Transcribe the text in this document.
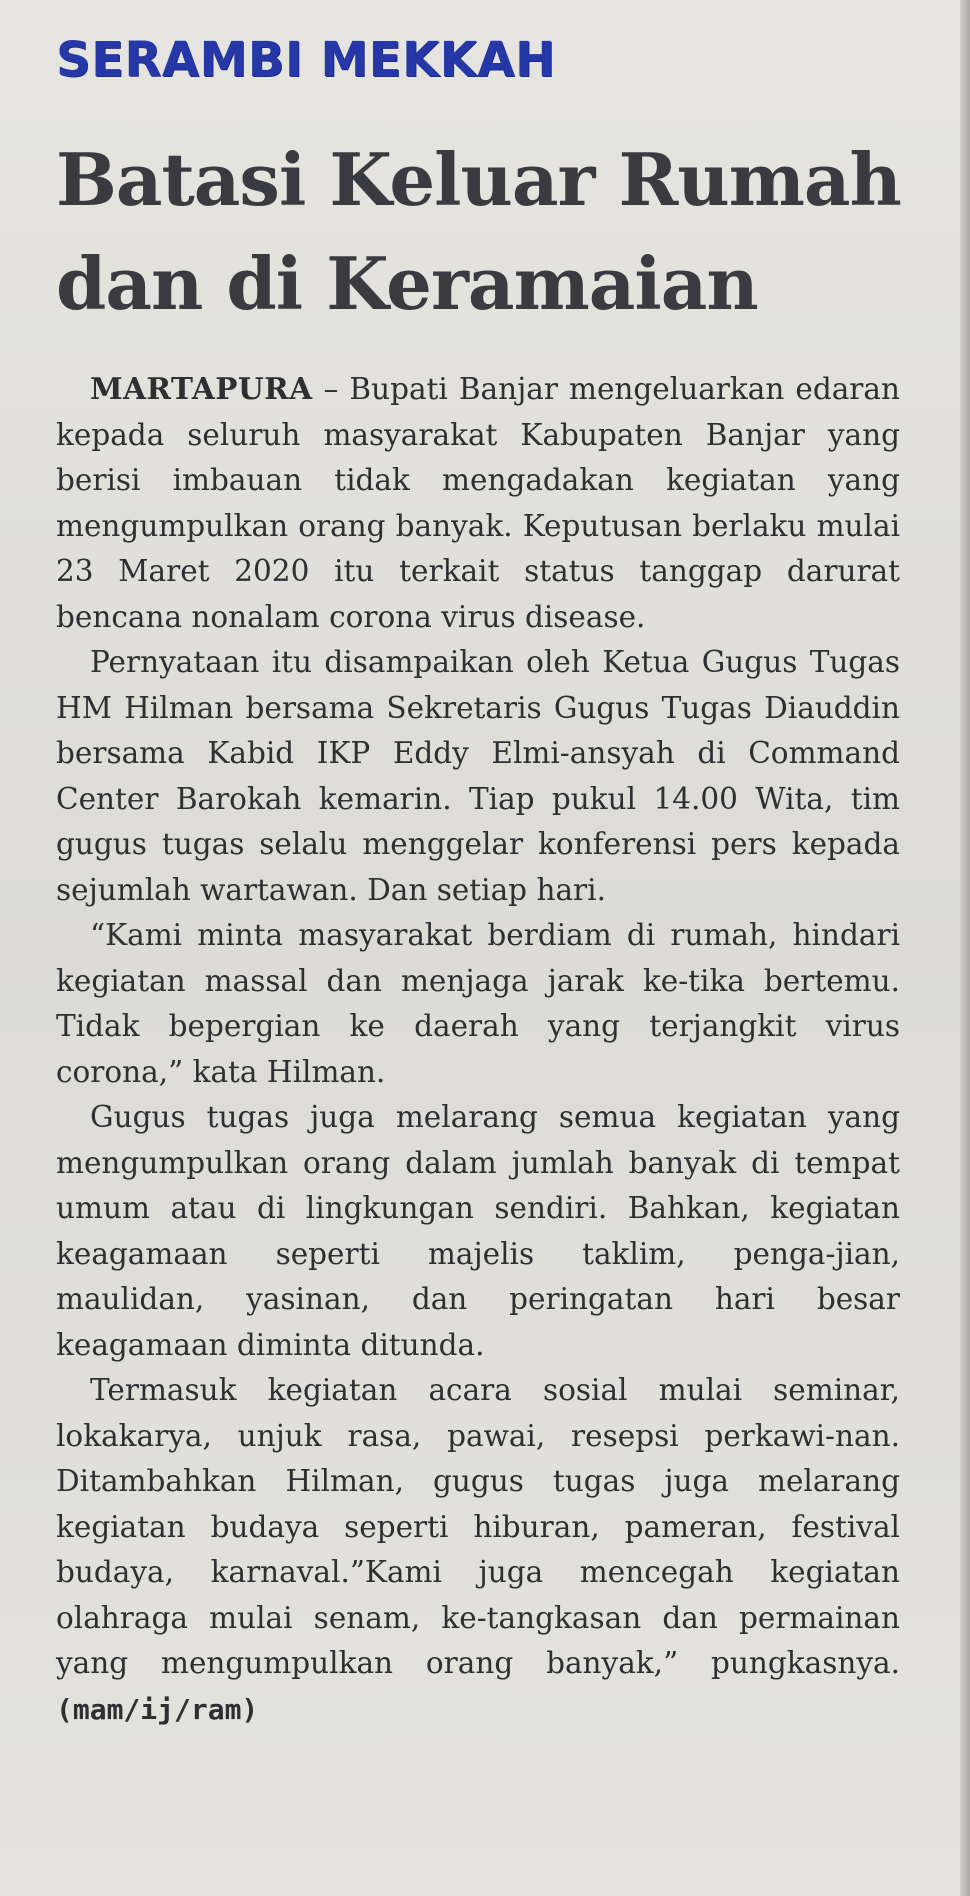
SERAMBI MEKKAH
Batasi Keluar Rumah dan di Keramaian

MARTAPURA – Bupati Banjar mengeluarkan edaran kepada seluruh masyarakat Kabupaten Banjar yang berisi imbauan tidak mengadakan kegiatan yang mengumpulkan orang banyak. Keputusan berlaku mulai 23 Maret 2020 itu terkait status tanggap darurat bencana nonalam corona virus disease.

Pernyataan itu disampaikan oleh Ketua Gugus Tugas HM Hilman bersama Sekretaris Gugus Tugas Diauddin bersama Kabid IKP Eddy Elmi-ansyah di Command Center Barokah kemarin. Tiap pukul 14.00 Wita, tim gugus tugas selalu menggelar konferensi pers kepada sejumlah wartawan. Dan setiap hari.

“Kami minta masyarakat berdiam di rumah, hindari kegiatan massal dan menjaga jarak ke-tika bertemu. Tidak bepergian ke daerah yang terjangkit virus corona,” kata Hilman.

Gugus tugas juga melarang semua kegiatan yang mengumpulkan orang dalam jumlah banyak di tempat umum atau di lingkungan sendiri. Bahkan, kegiatan keagamaan seperti majelis taklim, penga-jian, maulidan, yasinan, dan peringatan hari besar keagamaan diminta ditunda.

Termasuk kegiatan acara sosial mulai seminar, lokakarya, unjuk rasa, pawai, resepsi perkawi-nan. Ditambahkan Hilman, gugus tugas juga melarang kegiatan budaya seperti hiburan, pameran, festival budaya, karnaval.”Kami juga mencegah kegiatan olahraga mulai senam, ke-tangkasan dan permainan yang mengumpulkan orang banyak,” pungkasnya. (mam/ij/ram)
